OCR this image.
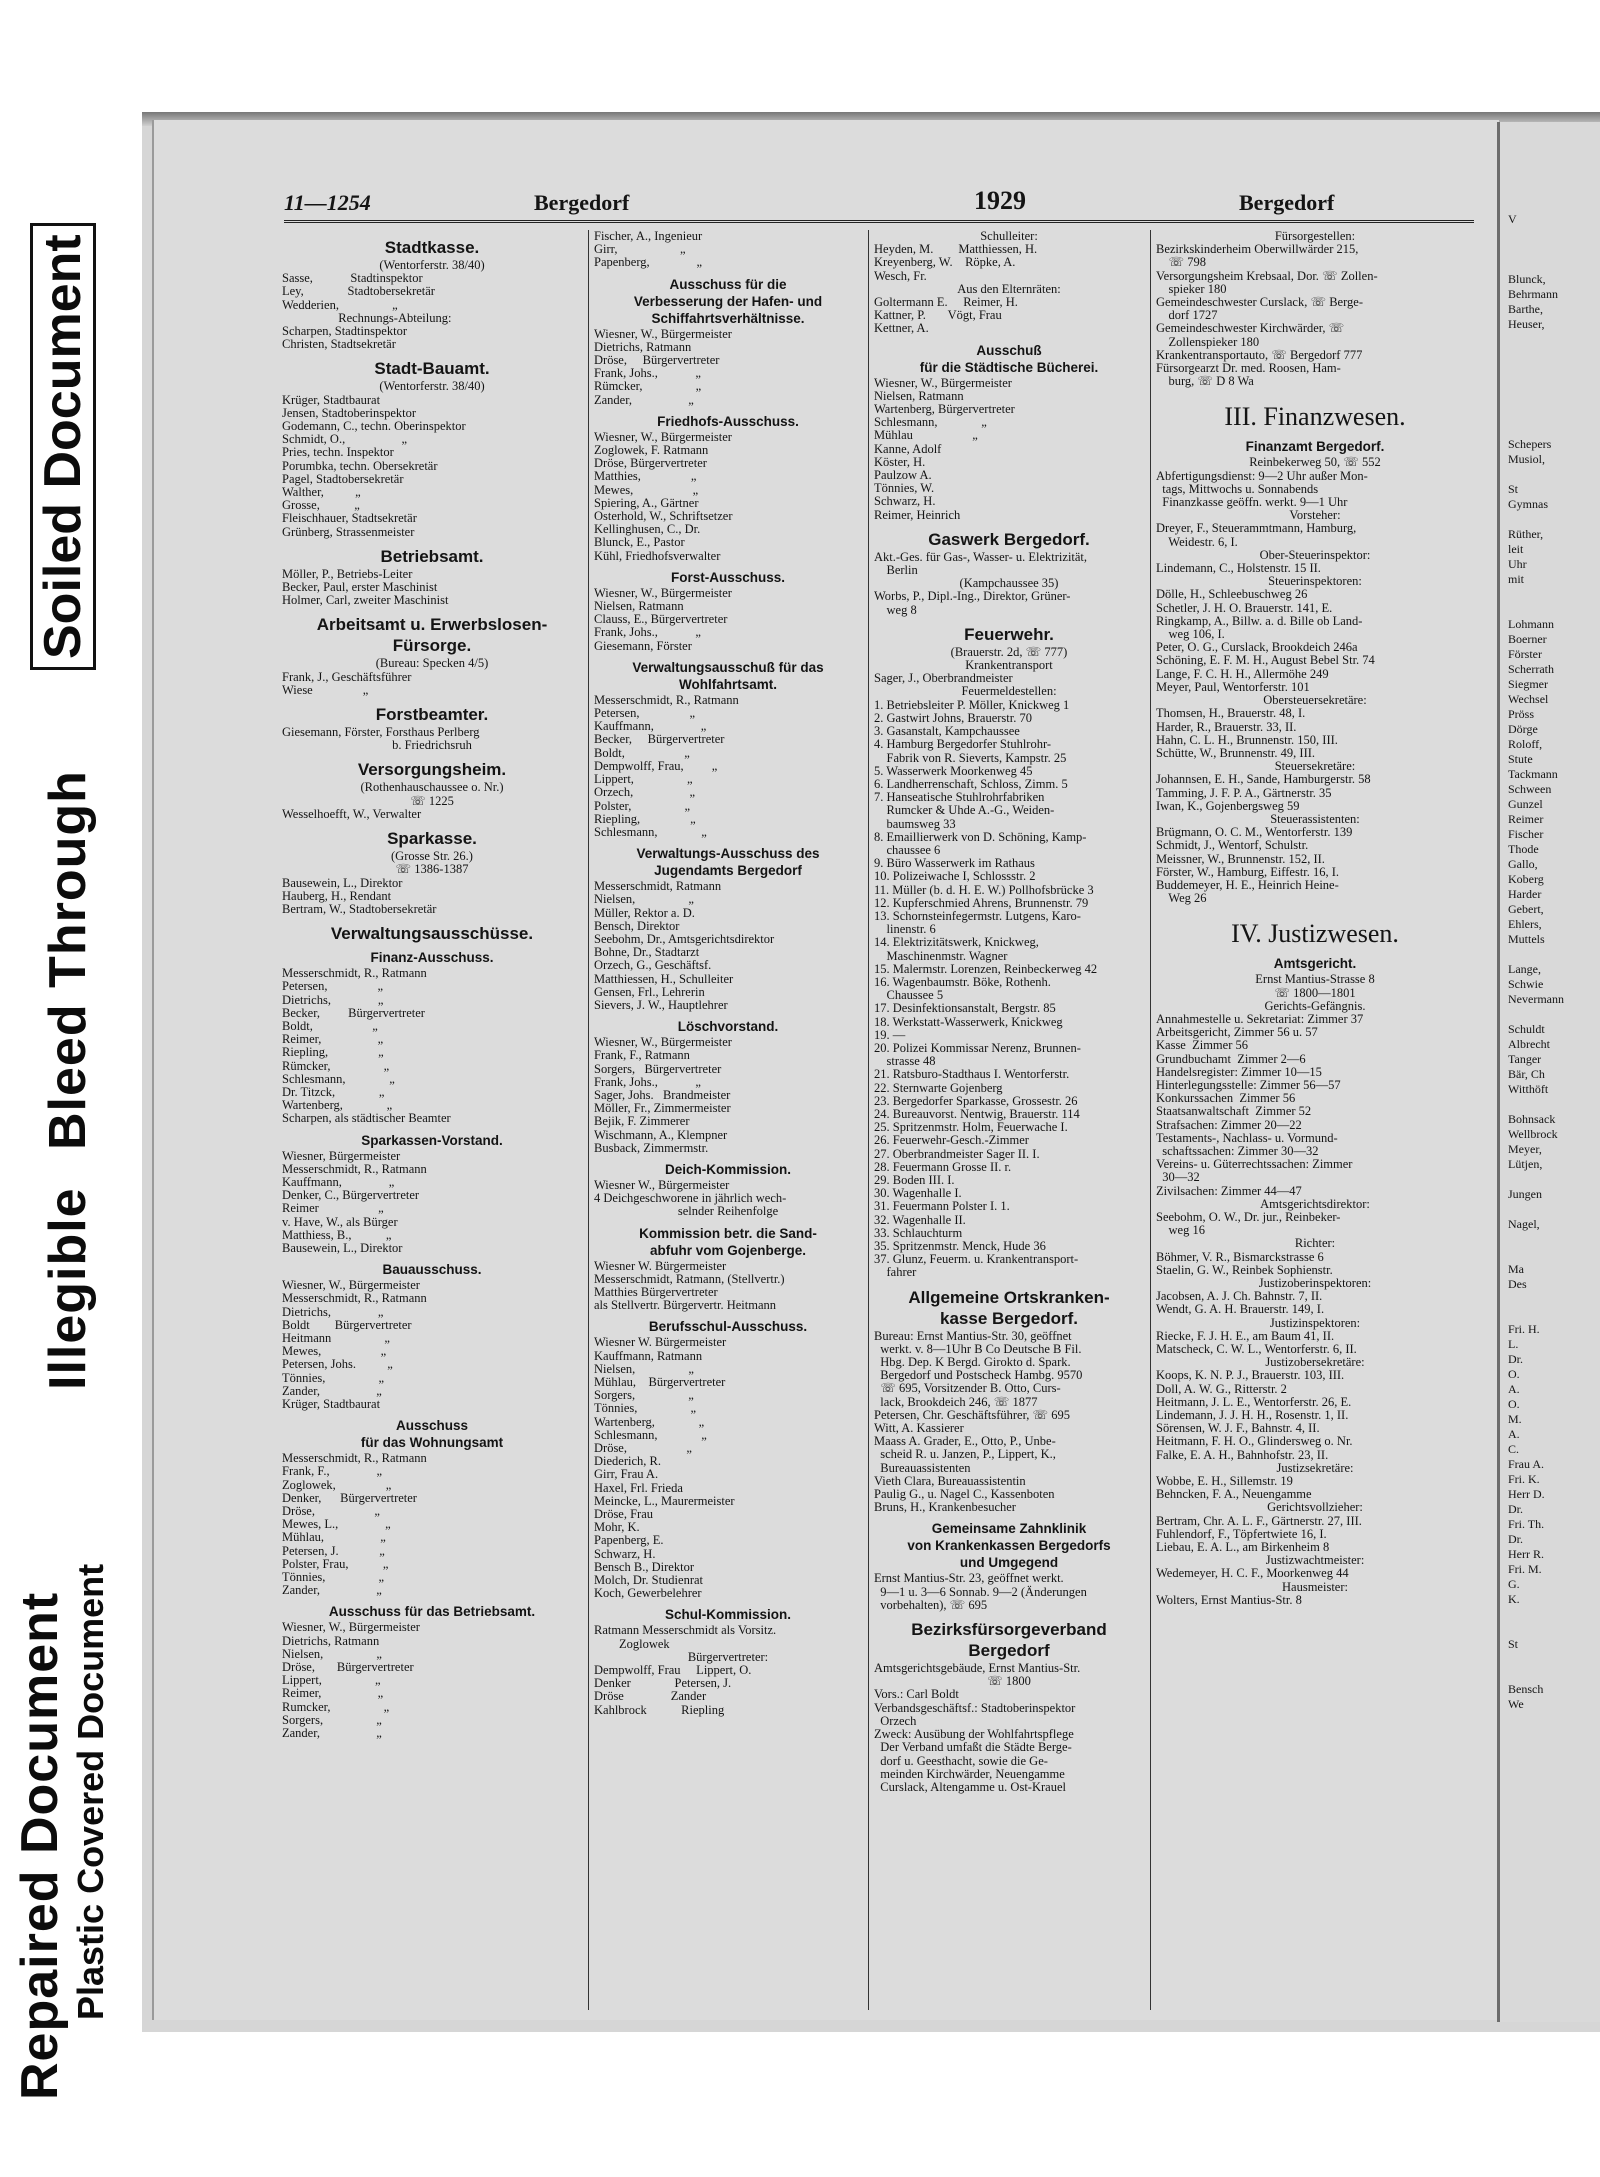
Repaired Document Plastic Covered Document
Illegible
Bleed Through
Soiled Document
11—1254	Bergedorf	1929	Bergedorf
Stadtkasse.
(Wentorferstr. 38/40)
Sasse,            Stadtinspektor
Ley,              Stadtobersekretär
Wedderien,                 „
Rechnungs-Abteilung:
Scharpen, Stadtinspektor
Christen, Stadtsekretär
Stadt-Bauamt.
(Wentorferstr. 38/40)
Krüger, Stadtbaurat
Jensen, Stadtoberinspektor
Godemann, C., techn. Oberinspektor
Schmidt, O.,                  „
Pries, techn. Inspektor
Porumbka, techn. Obersekretär
Pagel, Stadtobersekretär
Walther,          „
Grosse,           „
Fleischhauer, Stadtsekretär
Grünberg, Strassenmeister
Betriebsamt.
Möller, P., Betriebs-Leiter
Becker, Paul, erster Maschinist
Holmer, Carl, zweiter Maschinist
Arbeitsamt u. Erwerbslosen-
Fürsorge.
(Bureau: Specken 4/5)
Frank, J., Geschäftsführer
Wiese                „
Forstbeamter.
Giesemann, Förster, Forsthaus Perlberg
b. Friedrichsruh
Versorgungsheim.
(Rothenhauschaussee o. Nr.)
☏ 1225
Wesselhoefft, W., Verwalter
Sparkasse.
(Grosse Str. 26.)
☏ 1386-1387
Bausewein, L., Direktor
Hauberg, H., Rendant
Bertram, W., Stadtobersekretär
Verwaltungsausschüsse.
Finanz-Ausschuss.
Messerschmidt, R., Ratmann
Petersen,                „
Dietrichs,               „
Becker,         Bürgervertreter
Boldt,                   „
Reimer,                  „
Riepling,                „
Rümcker,                 „
Schlesmann,              „
Dr. Titzck,              „
Wartenberg,              „
Scharpen, als städtischer Beamter
Sparkassen-Vorstand.
Wiesner, Bürgermeister
Messerschmidt, R., Ratmann
Kauffmann,               „
Denker, C., Bürgervertreter
Reimer                   „
v. Have, W., als Bürger
Matthiess, B.,           „
Bausewein, L., Direktor
Bauausschuss.
Wiesner, W., Bürgermeister
Messerschmidt, R., Ratmann
Dietrichs,               „
Boldt        Bürgervertreter
Heitmann                 „
Mewes,                   „
Petersen, Johs.          „
Tönnies,                 „
Zander,                  „
Krüger, Stadtbaurat
Ausschuss
für das Wohnungsamt
Messerschmidt, R., Ratmann
Frank, F.,               „
Zoglowek,                „
Denker,      Bürgervertreter
Dröse,                   „
Mewes, L.,               „
Mühlau,                  „
Petersen, J.             „
Polster, Frau,           „
Tönnies,                 „
Zander,                  „
Ausschuss für das Betriebsamt.
Wiesner, W., Bürgermeister
Dietrichs, Ratmann
Nielsen,                 „
Dröse,       Bürgervertreter
Lippert,                 „
Reimer,                  „
Rumcker,                 „
Sorgers,                 „
Zander,                  „
Fischer, A., Ingenieur
Girr,                    „
Papenberg,               „
Ausschuss für die
Verbesserung der Hafen- und
Schiffahrtsverhältnisse.
Wiesner, W., Bürgermeister
Dietrichs, Ratmann
Dröse,     Bürgervertreter
Frank, Johs.,            „
Rümcker,                 „
Zander,                  „
Friedhofs-Ausschuss.
Wiesner, W., Bürgermeister
Zoglowek, F. Ratmann
Dröse, Bürgervertreter
Matthies,                „
Mewes,                   „
Spiering, A., Gärtner
Osterhold, W., Schriftsetzer
Kellinghusen, C., Dr.
Blunck, E., Pastor
Kühl, Friedhofsverwalter
Forst-Ausschuss.
Wiesner, W., Bürgermeister
Nielsen, Ratmann
Clauss, E., Bürgervertreter
Frank, Johs.,            „
Giesemann, Förster
Verwaltungsausschuß für das
Wohlfahrtsamt.
Messerschmidt, R., Ratmann
Petersen,                „
Kauffmann,               „
Becker,     Bürgervertreter
Boldt,                   „
Dempwolff, Frau,         „
Lippert,                 „
Orzech,                  „
Polster,                 „
Riepling,                „
Schlesmann,              „
Verwaltungs-Ausschuss des
Jugendamts Bergedorf
Messerschmidt, Ratmann
Nielsen,                 „
Müller, Rektor a. D.
Bensch, Direktor
Seebohm, Dr., Amtsgerichtsdirektor
Bohne, Dr., Stadtarzt
Orzech, G., Geschäftsf.
Matthiessen, H., Schulleiter
Gensen, Frl., Lehrerin
Sievers, J. W., Hauptlehrer
Löschvorstand.
Wiesner, W., Bürgermeister
Frank, F., Ratmann
Sorgers,   Bürgervertreter
Frank, Johs.,            „
Sager, Johs.   Brandmeister
Möller, Fr., Zimmermeister
Bejik, F. Zimmerer
Wischmann, A., Klempner
Busback, Zimmermstr.
Deich-Kommission.
Wiesner W., Bürgermeister
4 Deichgeschworene in jährlich wech-
selnder Reihenfolge
Kommission betr. die Sand-
abfuhr vom Gojenberge.
Wiesner W. Bürgermeister
Messerschmidt, Ratmann, (Stellvertr.)
Matthies Bürgervertreter
als Stellvertr. Bürgervertr. Heitmann
Berufsschul-Ausschuss.
Wiesner W. Bürgermeister
Kauffmann, Ratmann
Nielsen,                 „
Mühlau,    Bürgervertreter
Sorgers,                 „
Tönnies,                 „
Wartenberg,              „
Schlesmann,              „
Dröse,                   „
Diederich, R.
Girr, Frau A.
Haxel, Frl. Frieda
Meincke, L., Maurermeister
Dröse, Frau
Mohr, K.
Papenberg, E.
Schwarz, H.
Bensch B., Direktor
Molch, Dr. Studienrat
Koch, Gewerbelehrer
Schul-Kommission.
Ratmann Messerschmidt als Vorsitz.
Zoglowek
Bürgervertreter:
Dempwolff, Frau     Lippert, O.
Denker              Petersen, J.
Dröse               Zander
Kahlbrock           Riepling
Schulleiter:
Heyden, M.        Matthiessen, H.
Kreyenberg, W.    Röpke, A.
Wesch, Fr.
Aus den Elternräten:
Goltermann E.     Reimer, H.
Kattner, P.       Vögt, Frau
Kettner, A.
Ausschuß
für die Städtische Bücherei.
Wiesner, W., Bürgermeister
Nielsen, Ratmann
Wartenberg, Bürgervertreter
Schlesmann,              „
Mühlau                   „
Kanne, Adolf
Köster, H.
Paulzow A.
Tönnies, W.
Schwarz, H.
Reimer, Heinrich
Gaswerk Bergedorf.
Akt.-Ges. für Gas-, Wasser- u. Elektrizität,
Berlin
(Kampchaussee 35)
Worbs, P., Dipl.-Ing., Direktor, Grüner-
weg 8
Feuerwehr.
(Brauerstr. 2d, ☏ 777)
Krankentransport
Sager, J., Oberbrandmeister
Feuermeldestellen:
1. Betriebsleiter P. Möller, Knickweg 1
2. Gastwirt Johns, Brauerstr. 70
3. Gasanstalt, Kampchaussee
4. Hamburg Bergedorfer Stuhlrohr-
Fabrik von R. Sieverts, Kampstr. 25
5. Wasserwerk Moorkenweg 45
6. Landherrenschaft, Schloss, Zimm. 5
7. Hanseatische Stuhlrohrfabriken
Rumcker & Uhde A.-G., Weiden-
baumsweg 33
8. Emaillierwerk von D. Schöning, Kamp-
chaussee 6
9. Büro Wasserwerk im Rathaus
10. Polizeiwache I, Schlossstr. 2
11. Müller (b. d. H. E. W.) Pollhofsbrücke 3
12. Kupferschmied Ahrens, Brunnenstr. 79
13. Schornsteinfegermstr. Lutgens, Karo-
linenstr. 6
14. Elektrizitätswerk, Knickweg,
Maschinenmstr. Wagner
15. Malermstr. Lorenzen, Reinbeckerweg 42
16. Wagenbaumstr. Böke, Rothenh.
Chaussee 5
17. Desinfektionsanstalt, Bergstr. 85
18. Werkstatt-Wasserwerk, Knickweg
19. —
20. Polizei Kommissar Nerenz, Brunnen-
strasse 48
21. Ratsburo-Stadthaus I. Wentorferstr.
22. Sternwarte Gojenberg
23. Bergedorfer Sparkasse, Grossestr. 26
24. Bureauvorst. Nentwig, Brauerstr. 114
25. Spritzenmstr. Holm, Feuerwache I.
26. Feuerwehr-Gesch.-Zimmer
27. Oberbrandmeister Sager II. I.
28. Feuermann Grosse II. r.
29. Boden III. I.
30. Wagenhalle I.
31. Feuermann Polster I. 1.
32. Wagenhalle II.
33. Schlauchturm
35. Spritzenmstr. Menck, Hude 36
37. Glunz, Feuerm. u. Krankentransport-
fahrer
Allgemeine Ortskranken-
kasse Bergedorf.
Bureau: Ernst Mantius-Str. 30, geöffnet
werkt. v. 8—1Uhr B Co Deutsche B Fil.
Hbg. Dep. K Bergd. Girokto d. Spark.
Bergedorf und Postscheck Hambg. 9570
☏ 695, Vorsitzender B. Otto, Curs-
lack, Brookdeich 246, ☏ 1877
Petersen, Chr. Geschäftsführer, ☏ 695
Witt, A. Kassierer
Maass A. Grader, E., Otto, P., Unbe-
scheid R. u. Janzen, P., Lippert, K.,
Bureauassistenten
Vieth Clara, Bureauassistentin
Paulig G., u. Nagel C., Kassenboten
Bruns, H., Krankenbesucher
Gemeinsame Zahnklinik
von Krankenkassen Bergedorfs
und Umgegend
Ernst Mantius-Str. 23, geöffnet werkt.
9—1 u. 3—6 Sonnab. 9—2 (Änderungen
vorbehalten), ☏ 695
Bezirksfürsorgeverband
Bergedorf
Amtsgerichtsgebäude, Ernst Mantius-Str.
☏ 1800
Vors.: Carl Boldt
Verbandsgeschäftsf.: Stadtoberinspektor
Orzech
Zweck: Ausübung der Wohlfahrtspflege
Der Verband umfaßt die Städte Berge-
dorf u. Geesthacht, sowie die Ge-
meinden Kirchwärder, Neuengamme
Curslack, Altengamme u. Ost-Krauel
Fürsorgestellen:
Bezirkskinderheim Oberwillwärder 215,
☏ 798
Versorgungsheim Krebsaal, Dor. ☏ Zollen-
spieker 180
Gemeindeschwester Curslack, ☏ Berge-
dorf 1727
Gemeindeschwester Kirchwärder, ☏
Zollenspieker 180
Krankentransportauto, ☏ Bergedorf 777
Fürsorgearzt Dr. med. Roosen, Ham-
burg, ☏ D 8 Wa
III. Finanzwesen.
Finanzamt Bergedorf.
Reinbekerweg 50, ☏ 552
Abfertigungsdienst: 9—2 Uhr außer Mon-
tags, Mittwochs u. Sonnabends
Finanzkasse geöffn. werkt. 9—1 Uhr
Vorsteher:
Dreyer, F., Steuerammtmann, Hamburg,
Weidestr. 6, I.
Ober-Steuerinspektor:
Lindemann, C., Holstenstr. 15 II.
Steuerinspektoren:
Dölle, H., Schleebuschweg 26
Schetler, J. H. O. Brauerstr. 141, E.
Ringkamp, A., Billw. a. d. Bille ob Land-
weg 106, I.
Peter, O. G., Curslack, Brookdeich 246a
Schöning, E. F. M. H., August Bebel Str. 74
Lange, F. C. H. H., Allermöhe 249
Meyer, Paul, Wentorferstr. 101
Obersteuersekretäre:
Thomsen, H., Brauerstr. 48, I.
Harder, R., Brauerstr. 33, II.
Hahn, C. L. H., Brunnenstr. 150, III.
Schütte, W., Brunnenstr. 49, III.
Steuersekretäre:
Johannsen, E. H., Sande, Hamburgerstr. 58
Tamming, J. F. P. A., Gärtnerstr. 35
Iwan, K., Gojenbergsweg 59
Steuerassistenten:
Brügmann, O. C. M., Wentorferstr. 139
Schmidt, J., Wentorf, Schulstr.
Meissner, W., Brunnenstr. 152, II.
Förster, W., Hamburg, Eiffestr. 16, I.
Buddemeyer, H. E., Heinrich Heine-
Weg 26
IV. Justizwesen.
Amtsgericht.
Ernst Mantius-Strasse 8
☏ 1800—1801
Gerichts-Gefängnis.
Annahmestelle u. Sekretariat: Zimmer 37
Arbeitsgericht, Zimmer 56 u. 57
Kasse  Zimmer 56
Grundbuchamt  Zimmer 2—6
Handelsregister: Zimmer 10—15
Hinterlegungsstelle: Zimmer 56—57
Konkurssachen  Zimmer 56
Staatsanwaltschaft  Zimmer 52
Strafsachen: Zimmer 20—22
Testaments-, Nachlass- u. Vormund-
schaftssachen: Zimmer 30—32
Vereins- u. Güterrechtssachen: Zimmer
30—32
Zivilsachen: Zimmer 44—47
Amtsgerichtsdirektor:
Seebohm, O. W., Dr. jur., Reinbeker-
weg 16
Richter:
Böhmer, V. R., Bismarckstrasse 6
Staelin, G. W., Reinbek Sophienstr.
Justizoberinspektoren:
Jacobsen, A. J. Ch. Bahnstr. 7, II.
Wendt, G. A. H. Brauerstr. 149, I.
Justizinspektoren:
Riecke, F. J. H. E., am Baum 41, II.
Matscheck, C. W. L., Wentorferstr. 6, II.
Justizobersekretäre:
Koops, K. N. P. J., Brauerstr. 103, III.
Doll, A. W. G., Ritterstr. 2
Heitmann, J. L. E., Wentorferstr. 26, E.
Lindemann, J. J. H. H., Rosenstr. 1, II.
Sörensen, W. J. F., Bahnstr. 4, II.
Heitmann, F. H. O., Glindersweg o. Nr.
Falke, E. A. H., Bahnhofstr. 23, II.
Justizsekretäre:
Wobbe, E. H., Sillemstr. 19
Behncken, F. A., Neuengamme
Gerichtsvollzieher:
Bertram, Chr. A. L. F., Gärtnerstr. 27, III.
Fuhlendorf, F., Töpfertwiete 16, I.
Liebau, E. A. L., am Birkenheim 8
Justizwachtmeister:
Wedemeyer, H. C. F., Moorkenweg 44
Hausmeister:
Wolters, Ernst Mantius-Str. 8

V

Blunck,
Behrmann
Barthe,
Heuser,

Schepers
Musiol,

St
Gymnas

Rüther,
leit
Uhr
mit

Lohmann
Boerner
Förster
Scherrath
Siegmer
Wechsel
Pröss
Dörge
Roloff,
Stute
Tackmann
Schween
Gunzel
Reimer
Fischer
Thode
Gallo,
Koberg
Harder
Gebert,
Ehlers,
Muttels

Lange,
Schwie
Nevermann

Schuldt
Albrecht
Tanger
Bär, Ch
Witthöft

Bohnsack
Wellbrock
Meyer,
Lütjen,

Jungen

Nagel,

Ma
Des

Fri. H.
L.
Dr.
O.
A.
O.
M.
A.
C.
Frau A.
Fri. K.
Herr D.
Dr.
Fri. Th.
Dr.
Herr R.
Fri. M.
G.
K.

St

Bensch
We
